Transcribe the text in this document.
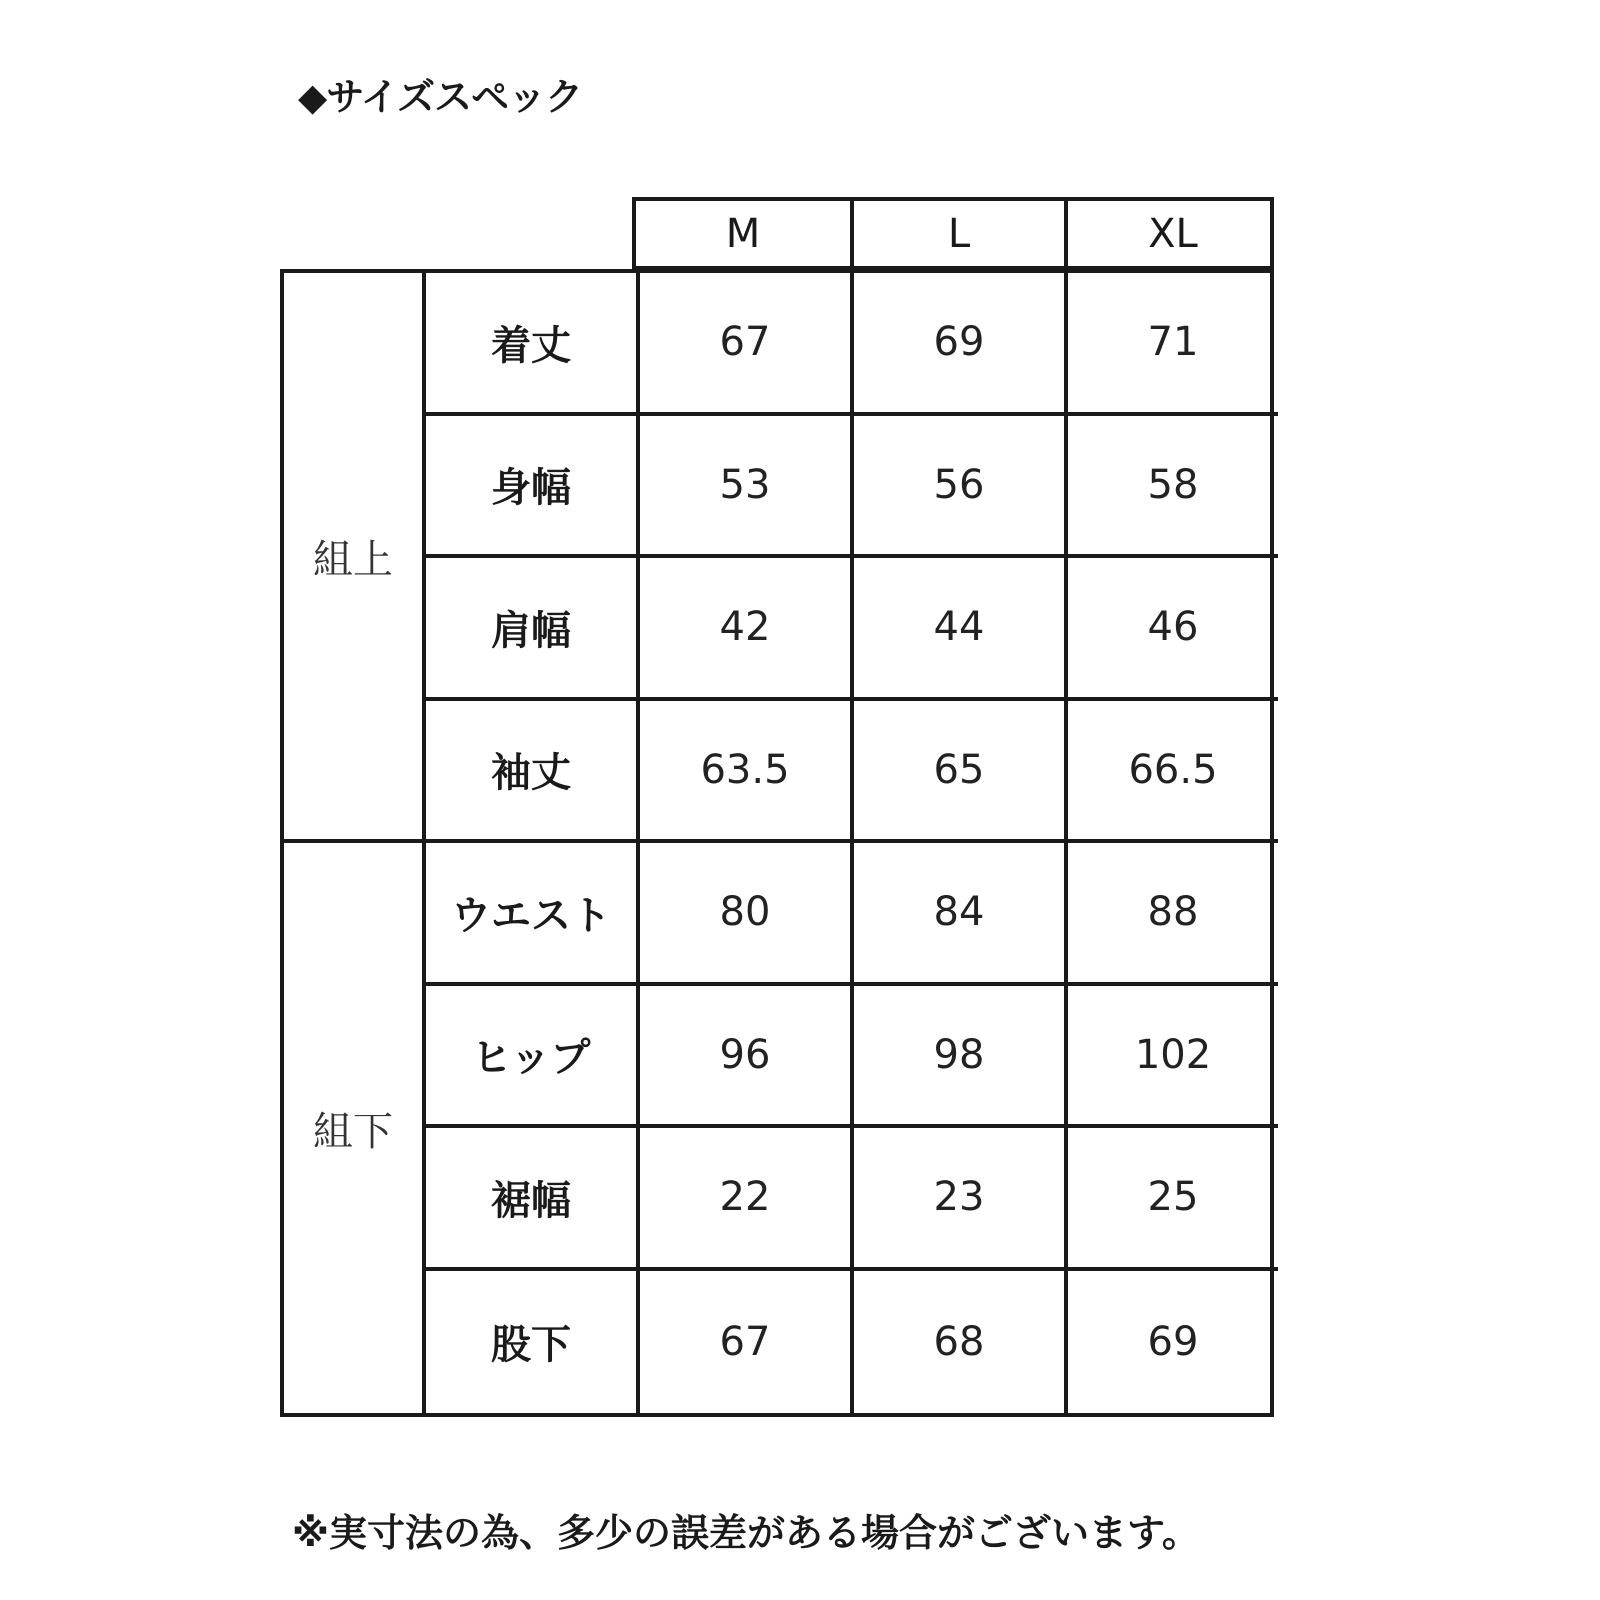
◆サイズスペック
M	L	XL
組上
着丈	67	69	71
身幅	53	56	58
肩幅	42	44	46
袖丈	63.5	65	66.5
組下
ウエスト	80	84	88
ヒップ	96	98	102
裾幅	22	23	25
股下	67	68	69
※実寸法の為、多少の誤差がある場合がございます。
